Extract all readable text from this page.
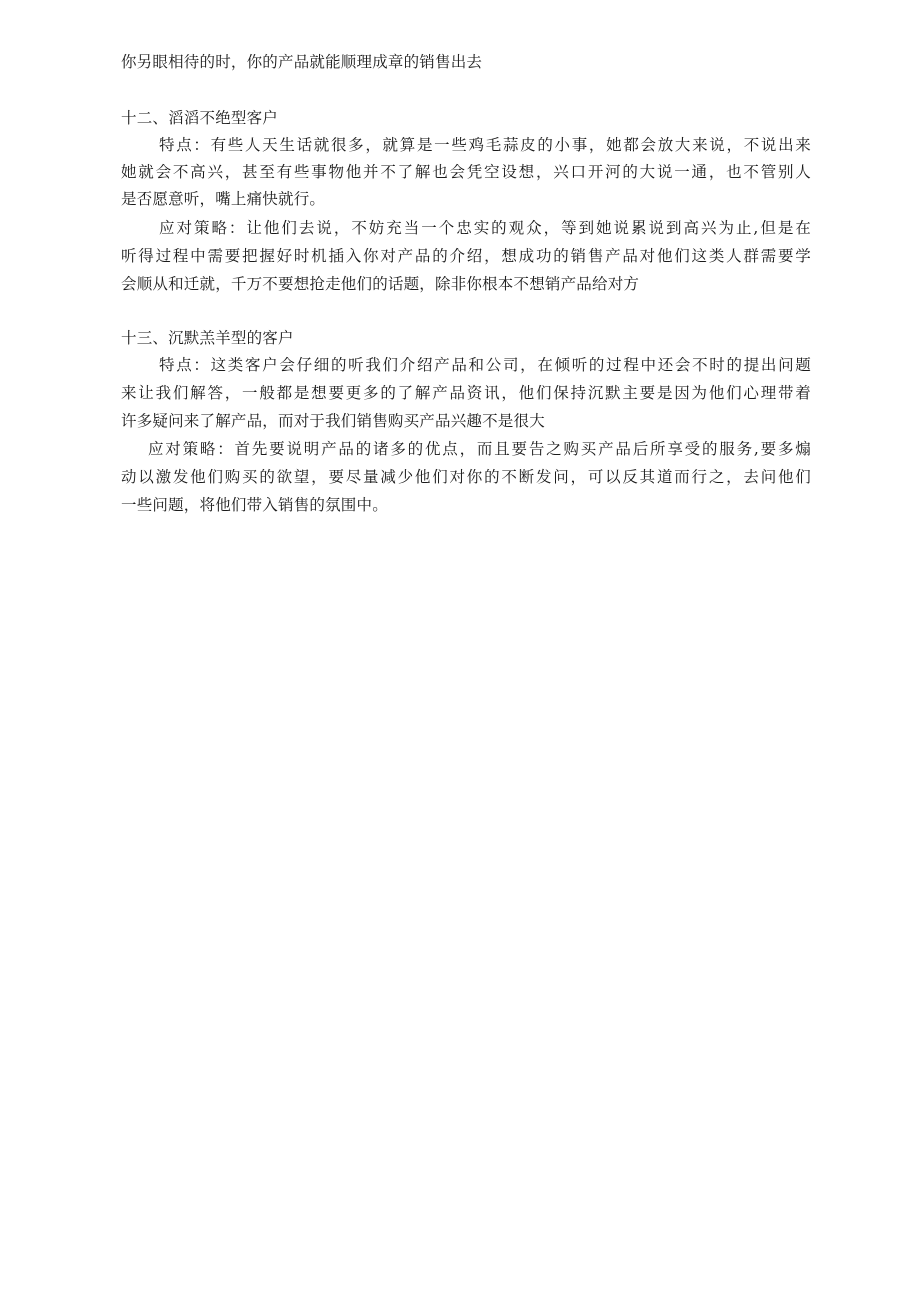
你另眼相待的时，你的产品就能顺理成章的销售出去
十二、滔滔不绝型客户
特点：有些人天生话就很多，就算是一些鸡毛蒜皮的小事，她都会放大来说，不说出来
她就会不高兴，甚至有些事物他并不了解也会凭空设想，兴口开河的大说一通，也不管别人
是否愿意听，嘴上痛快就行。
应对策略：让他们去说，不妨充当一个忠实的观众，等到她说累说到高兴为止,但是在
听得过程中需要把握好时机插入你对产品的介绍，想成功的销售产品对他们这类人群需要学
会顺从和迁就，千万不要想抢走他们的话题，除非你根本不想销产品给对方
十三、沉默羔羊型的客户
特点：这类客户会仔细的听我们介绍产品和公司，在倾听的过程中还会不时的提出问题
来让我们解答，一般都是想要更多的了解产品资讯，他们保持沉默主要是因为他们心理带着
许多疑问来了解产品，而对于我们销售购买产品兴趣不是很大
应对策略：首先要说明产品的诸多的优点，而且要告之购买产品后所享受的服务,要多煽
动以激发他们购买的欲望，要尽量减少他们对你的不断发问，可以反其道而行之，去问他们
一些问题，将他们带入销售的氛围中。
